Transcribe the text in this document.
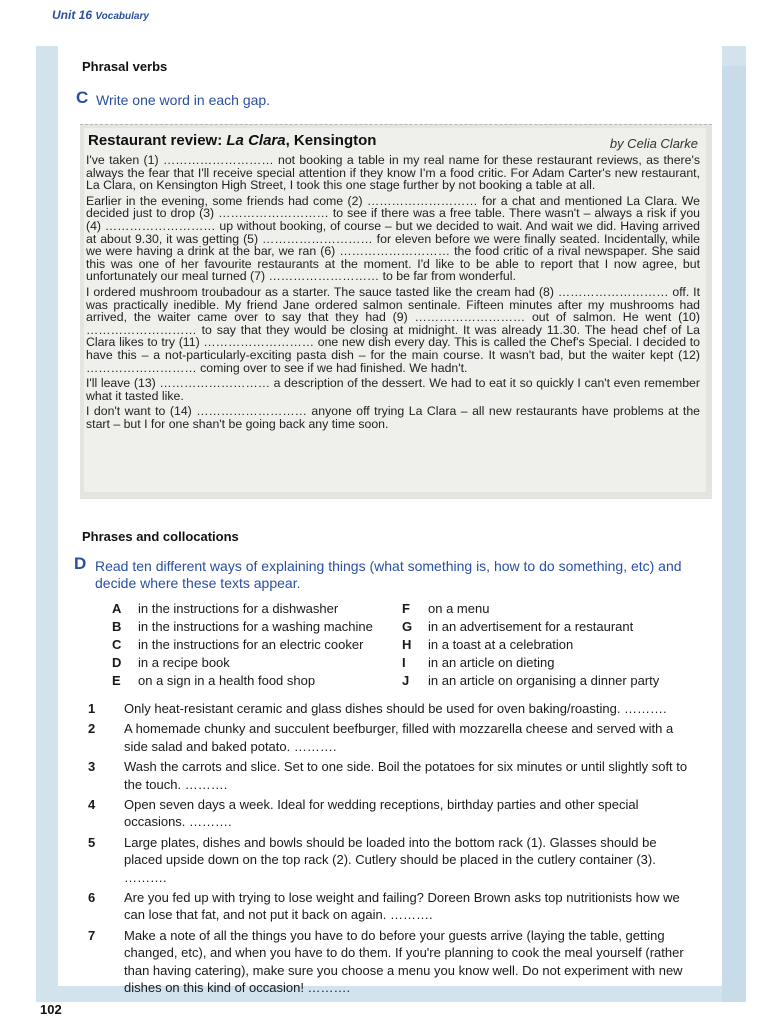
Unit 16 Vocabulary
Phrasal verbs
C Write one word in each gap.
Restaurant review: La Clara, Kensington	by Celia Clarke

I've taken (1) ……………………… not booking a table in my real name for these restaurant reviews, as there's always the fear that I'll receive special attention if they know I'm a food critic. For Adam Carter's new restaurant, La Clara, on Kensington High Street, I took this one stage further by not booking a table at all.

Earlier in the evening, some friends had come (2) ……………………… for a chat and mentioned La Clara. We decided just to drop (3) ……………………… to see if there was a free table. There wasn't – always a risk if you (4) ……………………… up without booking, of course – but we decided to wait. And wait we did. Having arrived at about 9.30, it was getting (5) ……………………… for eleven before we were finally seated. Incidentally, while we were having a drink at the bar, we ran (6) ……………………… the food critic of a rival newspaper. She said this was one of her favourite restaurants at the moment. I'd like to be able to report that I now agree, but unfortunately our meal turned (7) ……………………… to be far from wonderful.

I ordered mushroom troubadour as a starter. The sauce tasted like the cream had (8) ……………………… off. It was practically inedible. My friend Jane ordered salmon sentinale. Fifteen minutes after my mushrooms had arrived, the waiter came over to say that they had (9) ……………………… out of salmon. He went (10) ……………………… to say that they would be closing at midnight. It was already 11.30. The head chef of La Clara likes to try (11) ……………………… one new dish every day. This is called the Chef's Special. I decided to have this – a not-particularly-exciting pasta dish – for the main course. It wasn't bad, but the waiter kept (12) ……………………… coming over to see if we had finished. We hadn't.

I'll leave (13) ……………………… a description of the dessert. We had to eat it so quickly I can't even remember what it tasted like.

I don't want to (14) ……………………… anyone off trying La Clara – all new restaurants have problems at the start – but I for one shan't be going back any time soon.

Phrases and collocations
D Read ten different ways of explaining things (what something is, how to do something, etc) and decide where these texts appear.
A in the instructions for a dishwasher
B in the instructions for a washing machine
C in the instructions for an electric cooker
D in a recipe book
E on a sign in a health food shop
F on a menu
G in an advertisement for a restaurant
H in a toast at a celebration
I in an article on dieting
J in an article on organising a dinner party
1 Only heat-resistant ceramic and glass dishes should be used for oven baking/roasting. ……….
2 A homemade chunky and succulent beefburger, filled with mozzarella cheese and served with a side salad and baked potato. ……….
3 Wash the carrots and slice. Set to one side. Boil the potatoes for six minutes or until slightly soft to the touch. ……….
4 Open seven days a week. Ideal for wedding receptions, birthday parties and other special occasions. ……….
5 Large plates, dishes and bowls should be loaded into the bottom rack (1). Glasses should be placed upside down on the top rack (2). Cutlery should be placed in the cutlery container (3). ……….
6 Are you fed up with trying to lose weight and failing? Doreen Brown asks top nutritionists how we can lose that fat, and not put it back on again. ……….
7 Make a note of all the things you have to do before your guests arrive (laying the table, getting changed, etc), and when you have to do them. If you're planning to cook the meal yourself (rather than having catering), make sure you choose a menu you know well. Do not experiment with new dishes on this kind of occasion! ……….
102
